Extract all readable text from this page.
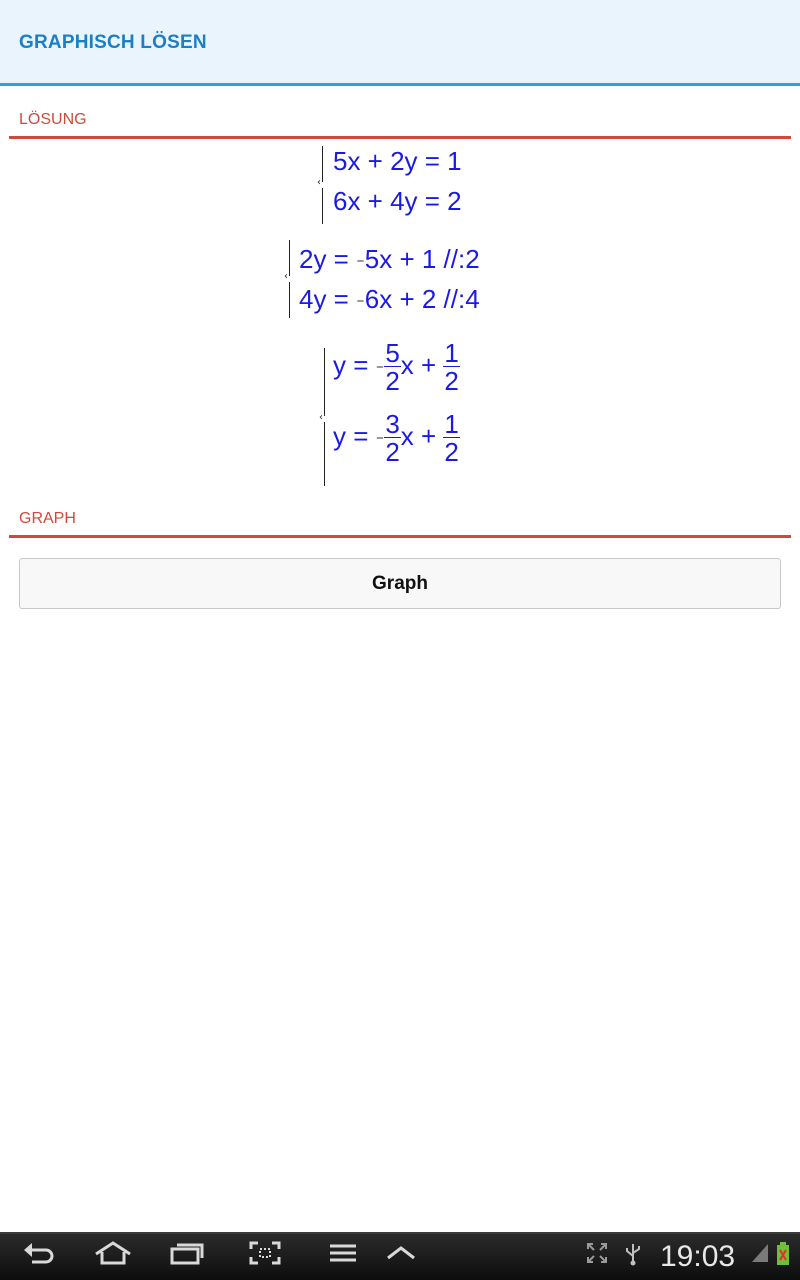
GRAPHISCH LÖSEN
LÖSUNG
‹
5x + 2y = 1
6x + 4y = 2
‹
2y = -5x + 1 //:2
4y = -6x + 2 //:4
‹
y = - $\frac{5}{2}$ $x + \frac{1}{2}$
y = - $\frac{3}{2}$ $x + \frac{1}{2}$
GRAPH
Graph
19:03
